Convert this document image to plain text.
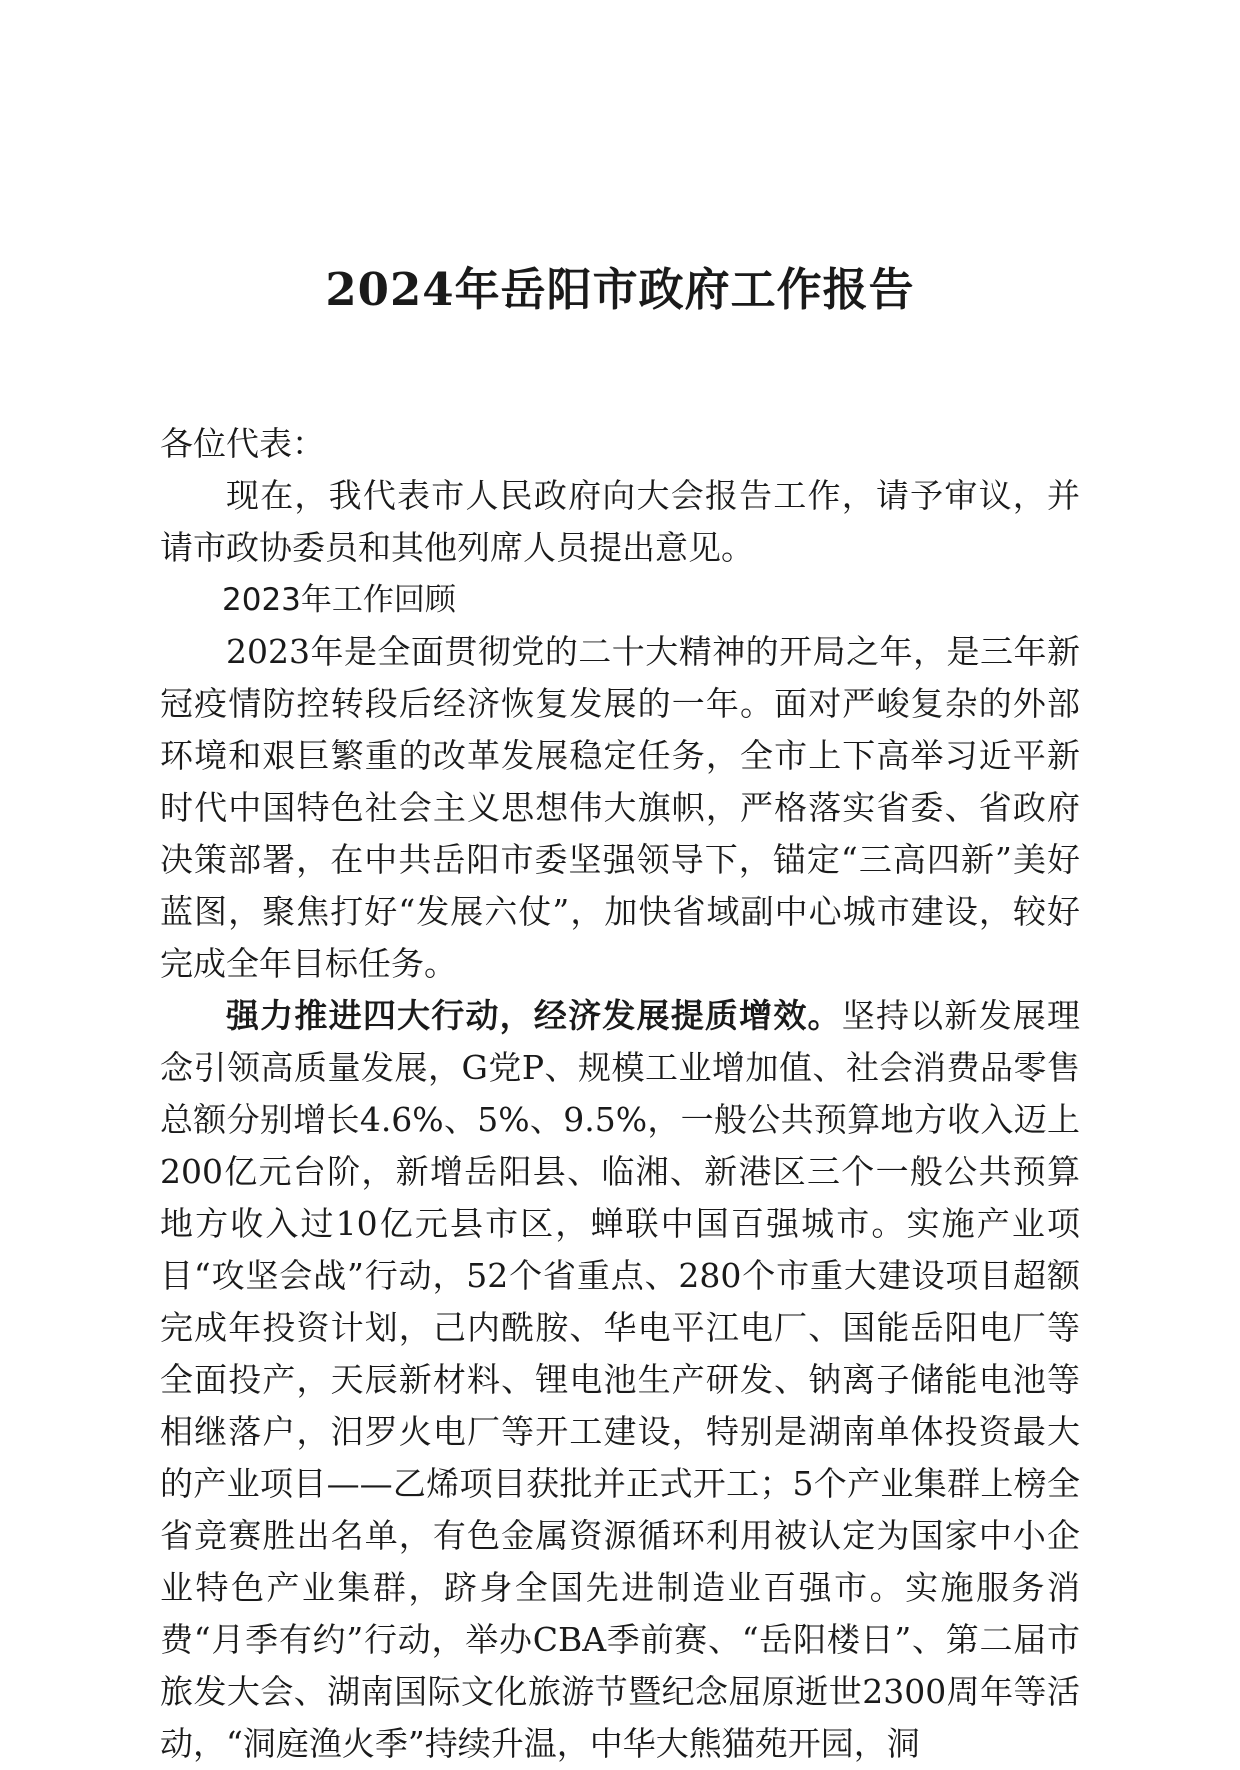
2024年岳阳市政府工作报告

各位代表：

现在，我代表市人民政府向大会报告工作，请予审议，并请市政协委员和其他列席人员提出意见。

2023年工作回顾

2023年是全面贯彻党的二十大精神的开局之年，是三年新冠疫情防控转段后经济恢复发展的一年。面对严峻复杂的外部环境和艰巨繁重的改革发展稳定任务，全市上下高举习近平新时代中国特色社会主义思想伟大旗帜，严格落实省委、省政府决策部署，在中共岳阳市委坚强领导下，锚定“三高四新”美好蓝图，聚焦打好“发展六仗”，加快省域副中心城市建设，较好完成全年目标任务。

强力推进四大行动，经济发展提质增效。坚持以新发展理念引领高质量发展，G党P、规模工业增加值、社会消费品零售总额分别增长4.6%、5%、9.5%，一般公共预算地方收入迈上200亿元台阶，新增岳阳县、临湘、新港区三个一般公共预算地方收入过10亿元县市区，蝉联中国百强城市。实施产业项目“攻坚会战”行动，52个省重点、280个市重大建设项目超额完成年投资计划，己内酰胺、华电平江电厂、国能岳阳电厂等全面投产，天辰新材料、锂电池生产研发、钠离子储能电池等相继落户，汨罗火电厂等开工建设，特别是湖南单体投资最大的产业项目——乙烯项目获批并正式开工；5个产业集群上榜全省竞赛胜出名单，有色金属资源循环利用被认定为国家中小企业特色产业集群，跻身全国先进制造业百强市。实施服务消费“月季有约”行动，举办CBA季前赛、“岳阳楼日”、第二届市旅发大会、湖南国际文化旅游节暨纪念屈原逝世2300周年等活动，“洞庭渔火季”持续升温，中华大熊猫苑开园，洞
